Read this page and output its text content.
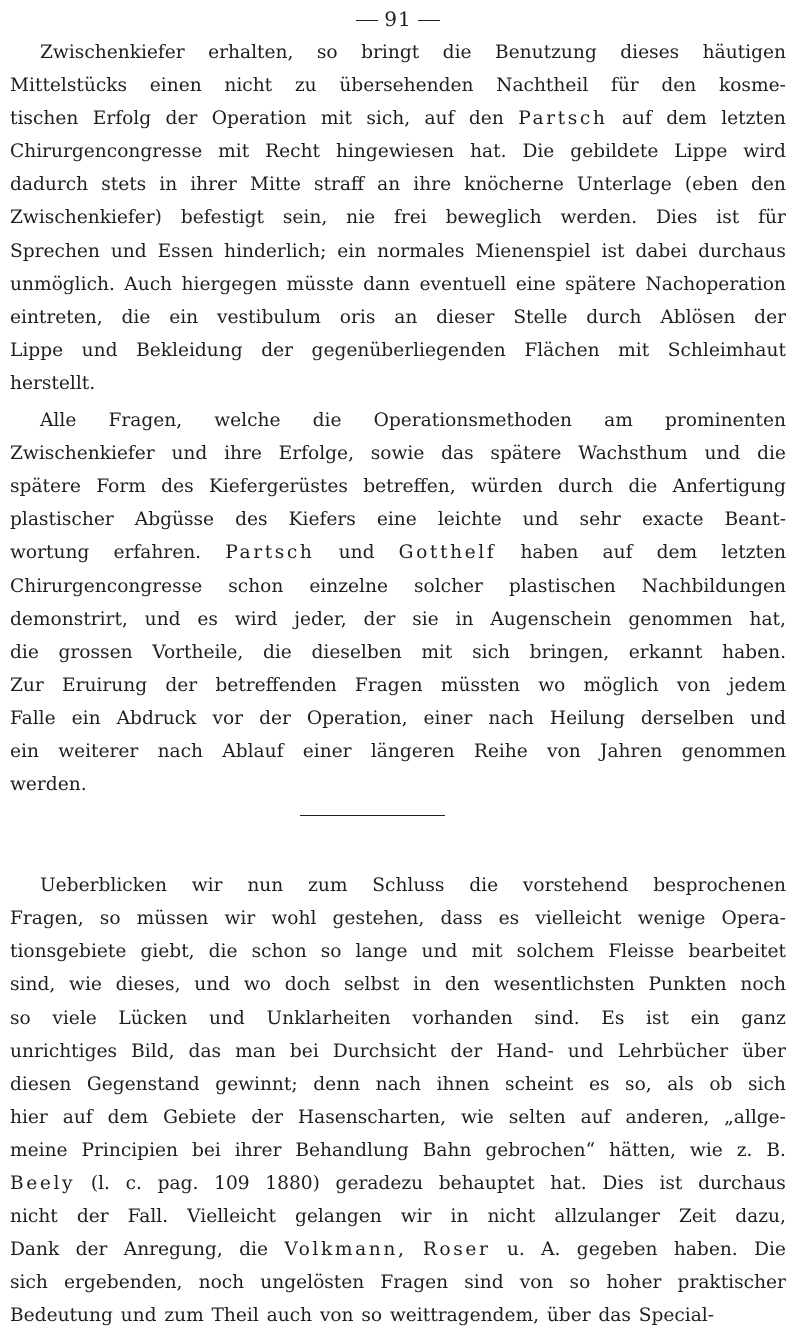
91
Zwischenkiefer erhalten, so bringt die Benutzung dieses häutigen
Mittelstücks einen nicht zu übersehenden Nachtheil für den kosme-
tischen Erfolg der Operation mit sich, auf den Partsch auf dem letzten
Chirurgencongresse mit Recht hingewiesen hat. Die gebildete Lippe wird
dadurch stets in ihrer Mitte straff an ihre knöcherne Unterlage (eben den
Zwischenkiefer) befestigt sein, nie frei beweglich werden. Dies ist für
Sprechen und Essen hinderlich; ein normales Mienenspiel ist dabei durchaus
unmöglich. Auch hiergegen müsste dann eventuell eine spätere Nachoperation
eintreten, die ein vestibulum oris an dieser Stelle durch Ablösen der
Lippe und Bekleidung der gegenüberliegenden Flächen mit Schleimhaut
herstellt.
Alle Fragen, welche die Operationsmethoden am prominenten
Zwischenkiefer und ihre Erfolge, sowie das spätere Wachsthum und die
spätere Form des Kiefergerüstes betreffen, würden durch die Anfertigung
plastischer Abgüsse des Kiefers eine leichte und sehr exacte Beant-
wortung erfahren. Partsch und Gotthelf haben auf dem letzten
Chirurgencongresse schon einzelne solcher plastischen Nachbildungen
demonstrirt, und es wird jeder, der sie in Augenschein genommen hat,
die grossen Vortheile, die dieselben mit sich bringen, erkannt haben.
Zur Eruirung der betreffenden Fragen müssten wo möglich von jedem
Falle ein Abdruck vor der Operation, einer nach Heilung derselben und
ein weiterer nach Ablauf einer längeren Reihe von Jahren genommen
werden.
Ueberblicken wir nun zum Schluss die vorstehend besprochenen
Fragen, so müssen wir wohl gestehen, dass es vielleicht wenige Opera-
tionsgebiete giebt, die schon so lange und mit solchem Fleisse bearbeitet
sind, wie dieses, und wo doch selbst in den wesentlichsten Punkten noch
so viele Lücken und Unklarheiten vorhanden sind. Es ist ein ganz
unrichtiges Bild, das man bei Durchsicht der Hand- und Lehrbücher über
diesen Gegenstand gewinnt; denn nach ihnen scheint es so, als ob sich
hier auf dem Gebiete der Hasenscharten, wie selten auf anderen, „allge-
meine Principien bei ihrer Behandlung Bahn gebrochen“ hätten, wie z. B.
Beely (l. c. pag. 109 1880) geradezu behauptet hat. Dies ist durchaus
nicht der Fall. Vielleicht gelangen wir in nicht allzulanger Zeit dazu,
Dank der Anregung, die Volkmann, Roser u. A. gegeben haben. Die
sich ergebenden, noch ungelösten Fragen sind von so hoher praktischer
Bedeutung und zum Theil auch von so weittragendem, über das Special-
